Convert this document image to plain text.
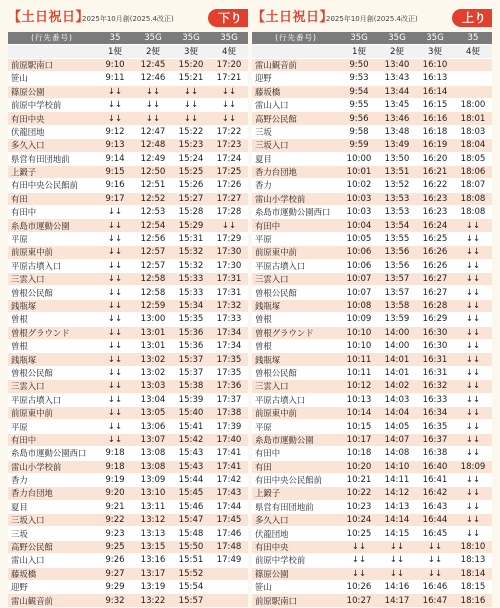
【土日祝日】
2025年10月創(2025.4改正)	下り
(行先番号)	35	35G	35G	35G
	1便	2便	3便	4便
前原駅南口	9:10	12:45	15:20	17:20
笹山	9:11	12:46	15:21	17:21
篠原公園	↓↓	↓↓	↓↓	↓↓
前原中学校前	↓↓	↓↓	↓↓	↓↓
有田中央	↓↓	↓↓	↓↓	↓↓
伏龍団地	9:12	12:47	15:22	17:22
多久入口	9:13	12:48	15:23	17:23
県営有田団地前	9:14	12:49	15:24	17:24
上鍛子	9:15	12:50	15:25	17:25
有田中央公民館前	9:16	12:51	15:26	17:26
有田	9:17	12:52	15:27	17:27
有田中	↓↓	12:53	15:28	17:28
糸島市運動公園	↓↓	12:54	15:29	↓↓
平原	↓↓	12:56	15:31	17:29
前原東中前	↓↓	12:57	15:32	17:30
平原古墳入口	↓↓	12:57	15:32	17:30
三雲入口	↓↓	12:58	15:33	17:31
曽根公民館	↓↓	12:58	15:33	17:31
銭瓶塚	↓↓	12:59	15:34	17:32
曽根	↓↓	13:00	15:35	17:33
曽根グラウンド	↓↓	13:01	15:36	17:34
曽根	↓↓	13:01	15:36	17:34
銭瓶塚	↓↓	13:02	15:37	17:35
曽根公民館	↓↓	13:02	15:37	17:35
三雲入口	↓↓	13:03	15:38	17:36
平原古墳入口	↓↓	13:04	15:39	17:37
前原東中前	↓↓	13:05	15:40	17:38
平原	↓↓	13:06	15:41	17:39
有田中	↓↓	13:07	15:42	17:40
糸島市運動公園西口	9:18	13:08	15:43	17:41
雷山小学校前	9:18	13:08	15:43	17:41
香力	9:19	13:09	15:44	17:42
香力台団地	9:20	13:10	15:45	17:43
夏目	9:21	13:11	15:46	17:44
三坂入口	9:22	13:12	15:47	17:45
三坂	9:23	13:13	15:48	17:46
高野公民館	9:25	13:15	15:50	17:48
雷山入口	9:26	13:16	15:51	17:49
藤坂橋	9:27	13:17	15:52	
迎野	9:29	13:19	15:54	
雷山観音前	9:32	13:22	15:57	
【土日祝日】
2025年10月創(2025.4改正)	上り
(行先番号)	35G	35G	35G	35
	1便	2便	3便	4便
雷山観音前	9:50	13:40	16:10	
迎野	9:53	13:43	16:13	
藤坂橋	9:54	13:44	16:14	
雷山入口	9:55	13:45	16:15	18:00
高野公民館	9:56	13:46	16:16	18:01
三坂	9:58	13:48	16:18	18:03
三坂入口	9:59	13:49	16:19	18:04
夏目	10:00	13:50	16:20	18:05
香力台団地	10:01	13:51	16:21	18:06
香力	10:02	13:52	16:22	18:07
雷山小学校前	10:03	13:53	16:23	18:08
糸島市運動公園西口	10:03	13:53	16:23	18:08
有田中	10:04	13:54	16:24	↓↓
平原	10:05	13:55	16:25	↓↓
前原東中前	10:06	13:56	16:26	↓↓
平原古墳入口	10:06	13:56	16:26	↓↓
三雲入口	10:07	13:57	16:27	↓↓
曽根公民館	10:07	13:57	16:27	↓↓
銭瓶塚	10:08	13:58	16:28	↓↓
曽根	10:09	13:59	16:29	↓↓
曽根グラウンド	10:10	14:00	16:30	↓↓
曽根	10:10	14:00	16:30	↓↓
銭瓶塚	10:11	14:01	16:31	↓↓
曽根公民館	10:11	14:01	16:31	↓↓
三雲入口	10:12	14:02	16:32	↓↓
平原古墳入口	10:13	14:03	16:33	↓↓
前原東中前	10:14	14:04	16:34	↓↓
平原	10:15	14:05	16:35	↓↓
糸島市運動公園	10:17	14:07	16:37	↓↓
有田中	10:18	14:08	16:38	↓↓
有田	10:20	14:10	16:40	18:09
有田中央公民館前	10:21	14:11	16:41	↓↓
上鍛子	10:22	14:12	16:42	↓↓
県営有田団地前	10:23	14:13	16:43	↓↓
多久入口	10:24	14:14	16:44	↓↓
伏龍団地	10:25	14:15	16:45	↓↓
有田中央	↓↓	↓↓	↓↓	18:10
前原中学校前	↓↓	↓↓	↓↓	18:13
篠原公園	↓↓	↓↓	↓↓	18:14
笹山	10:26	14:16	16:46	18:15
前原駅南口	10:27	14:17	16:47	18:16
